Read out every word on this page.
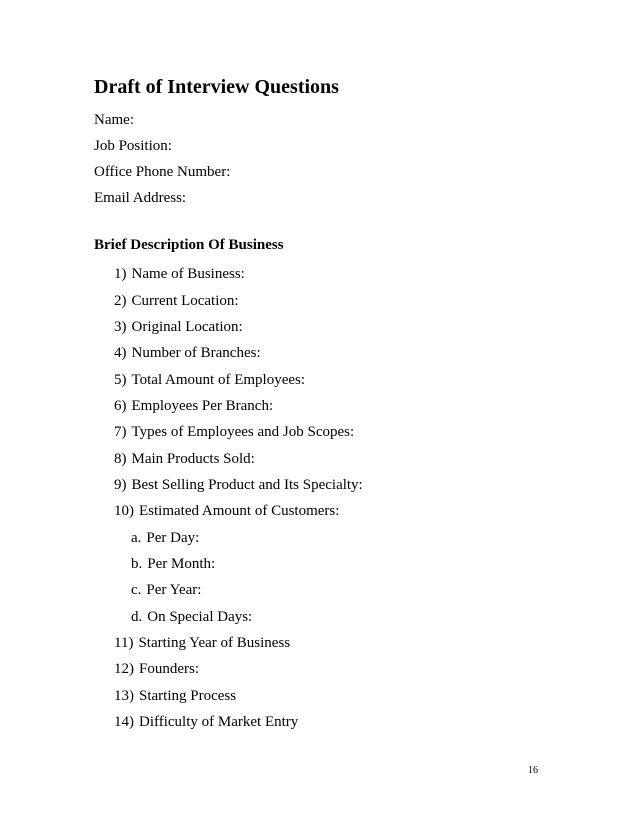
Draft of Interview Questions
Name:
Job Position:
Office Phone Number:
Email Address:
Brief Description Of Business
1) Name of Business:
2) Current Location:
3) Original Location:
4) Number of Branches:
5) Total Amount of Employees:
6) Employees Per Branch:
7) Types of Employees and Job Scopes:
8) Main Products Sold:
9) Best Selling Product and Its Specialty:
10) Estimated Amount of Customers:
a. Per Day:
b. Per Month:
c. Per Year:
d. On Special Days:
11) Starting Year of Business
12) Founders:
13) Starting Process
14) Difficulty of Market Entry
16
